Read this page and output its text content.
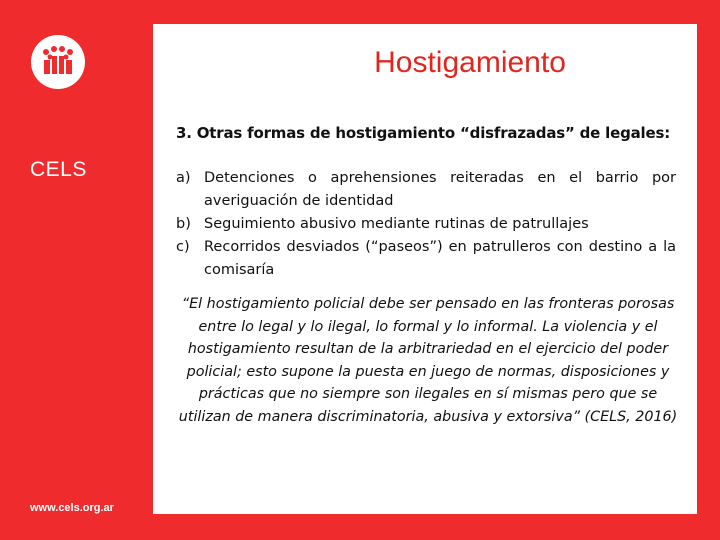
CELS
www.cels.org.ar
Hostigamiento
3. Otras formas de hostigamiento “disfrazadas” de legales:
a) Detenciones o aprehensiones reiteradas en el barrio por averiguación de identidad
b) Seguimiento abusivo mediante rutinas de patrullajes
c) Recorridos desviados (“paseos”) en patrulleros con destino a la comisaría
“El hostigamiento policial debe ser pensado en las fronteras porosas entre lo legal y lo ilegal, lo formal y lo informal. La violencia y el hostigamiento resultan de la arbitrariedad en el ejercicio del poder policial; esto supone la puesta en juego de normas, disposiciones y prácticas que no siempre son ilegales en sí mismas pero que se utilizan de manera discriminatoria, abusiva y extorsiva” (CELS, 2016)
